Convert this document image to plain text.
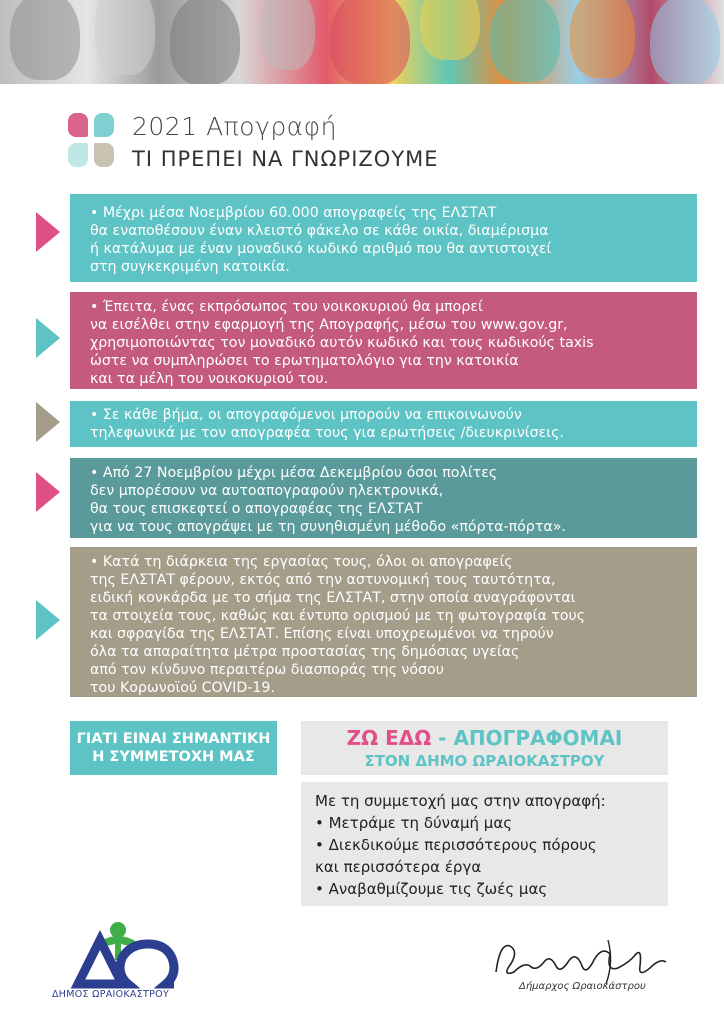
2021 Απογραφή
ΤΙ ΠΡΕΠΕΙ ΝΑ ΓΝΩΡΙΖΟΥΜΕ

• Μέχρι μέσα Νοεμβρίου 60.000 απογραφείς της ΕΛΣΤΑΤ
θα εναποθέσουν έναν κλειστό φάκελο σε κάθε οικία, διαμέρισμα
ή κατάλυμα με έναν μοναδικό κωδικό αριθμό που θα αντιστοιχεί
στη συγκεκριμένη κατοικία.

• Έπειτα, ένας εκπρόσωπος του νοικοκυριού θα μπορεί
να εισέλθει στην εφαρμογή της Απογραφής, μέσω του www.gov.gr,
χρησιμοποιώντας τον μοναδικό αυτόν κωδικό και τους κωδικούς taxis
ώστε να συμπληρώσει το ερωτηματολόγιο για την κατοικία
και τα μέλη του νοικοκυριού του.

• Σε κάθε βήμα, οι απογραφόμενοι μπορούν να επικοινωνούν
τηλεφωνικά με τον απογραφέα τους για ερωτήσεις /διευκρινίσεις.

• Από 27 Νοεμβρίου μέχρι μέσα Δεκεμβρίου όσοι πολίτες
δεν μπορέσουν να αυτοαπογραφούν ηλεκτρονικά,
θα τους επισκεφτεί ο απογραφέας της ΕΛΣΤΑΤ
για να τους απογράψει με τη συνηθισμένη μέθοδο «πόρτα-πόρτα».

• Κατά τη διάρκεια της εργασίας τους, όλοι οι απογραφείς
της ΕΛΣΤΑΤ φέρουν, εκτός από την αστυνομική τους ταυτότητα,
ειδική κονκάρδα με το σήμα της ΕΛΣΤΑΤ, στην οποία αναγράφονται
τα στοιχεία τους, καθώς και έντυπο ορισμού με τη φωτογραφία τους
και σφραγίδα της ΕΛΣΤΑΤ. Επίσης είναι υποχρεωμένοι να τηρούν
όλα τα απαραίτητα μέτρα προστασίας της δημόσιας υγείας
από τον κίνδυνο περαιτέρω διασποράς της νόσου
του Κορωνοϊού COVID-19.

ΓΙΑΤΙ ΕΙΝΑΙ ΣΗΜΑΝΤΙΚΗ
Η ΣΥΜΜΕΤΟΧΗ ΜΑΣ
ΖΩ ΕΔΩ - ΑΠΟΓΡΑΦΟΜΑΙ
ΣΤΟΝ ΔΗΜΟ ΩΡΑΙΟΚΑΣΤΡΟΥ
Με τη συμμετοχή μας στην απογραφή:
• Μετράμε τη δύναμή μας
• Διεκδικούμε περισσότερους πόρους
και περισσότερα έργα
• Αναβαθμίζουμε τις ζωές μας
ΔΗΜΟΣ ΩΡΑΙΟΚΑΣΤΡΟΥ
Δήμαρχος Ωραιοκάστρου
